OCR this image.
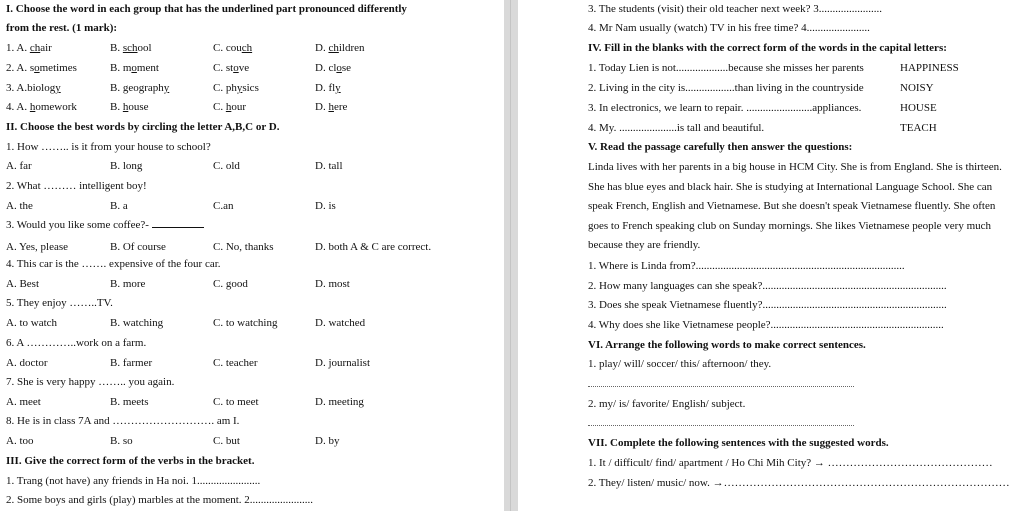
I. Choose the word in each group that has the underlined part pronounced differently
from the rest. (1 mark):
1. A. chair	B. school	C. couch	D. children
2. A. sometimes	B. moment	C. stove	D. close
3. A.biology	B. geography	C. physics	D. fly
4. A. homework	B. house	C. hour	D. here
II. Choose the best words by circling the letter A,B,C or D.
1. How …….. is it from your house to school?
A. far	B. long	C. old	D. tall
2. What ……… intelligent boy!
A. the	B. a	C.an	D. is
3. Would you like some coffee?-
A. Yes, please	B. Of course	C. No, thanks	D. both A & C are correct.
4. This car is the ……. expensive of the four car.
A. Best	B. more	C. good	D. most
5. They enjoy ……..TV.
A. to watch	B. watching	C. to watching	D. watched
6. A …………..work on a farm.
A. doctor	B. farmer	C. teacher	D. journalist
7. She is very happy …….. you again.
A. meet	B. meets	C. to meet	D. meeting
8. He is in class 7A and ………………………. am I.
A. too	B. so	C. but	D. by
III. Give the correct form of the verbs in the bracket.
1. Trang (not have) any friends in Ha noi. 1.......................
2. Some boys and girls (play) marbles at the moment. 2.......................
3. The students (visit) their old teacher next week? 3.......................
4. Mr Nam usually (watch) TV in his free time? 4.......................
IV. Fill in the blanks with the correct form of the words in the capital letters:
1. Today Lien is not...................because she misses her parents	HAPPINESS
2. Living in the city is..................than living in the countryside	NOISY
3. In electronics, we learn to repair. ........................appliances.	HOUSE
4. My. .....................is tall and beautiful.	TEACH
V. Read the passage carefully then answer the questions:
Linda lives with her parents in a big house in HCM City. She is from England. She is thirteen.
She has blue eyes and black hair. She is studying at International Language School. She can
speak French, English and Vietnamese. But she doesn't speak Vietnamese fluently. She often
goes to French speaking club on Sunday mornings. She likes Vietnamese people very much
because they are friendly.
1. Where is Linda from?............................................................................
2. How many languages can she speak?...................................................................
3. Does she speak Vietnamese fluently?...................................................................
4. Why does she like Vietnamese people?...............................................................
VI. Arrange the following words to make correct sentences.
1. play/ will/ soccer/ this/ afternoon/ they.
2. my/ is/ favorite/ English/ subject.
VII. Complete the following sentences with the suggested words.
1. It / difficult/ find/ apartment / Ho Chi Mih City? → ………………………………………
2. They/ listen/ music/ now. →……………………………………………………………………
